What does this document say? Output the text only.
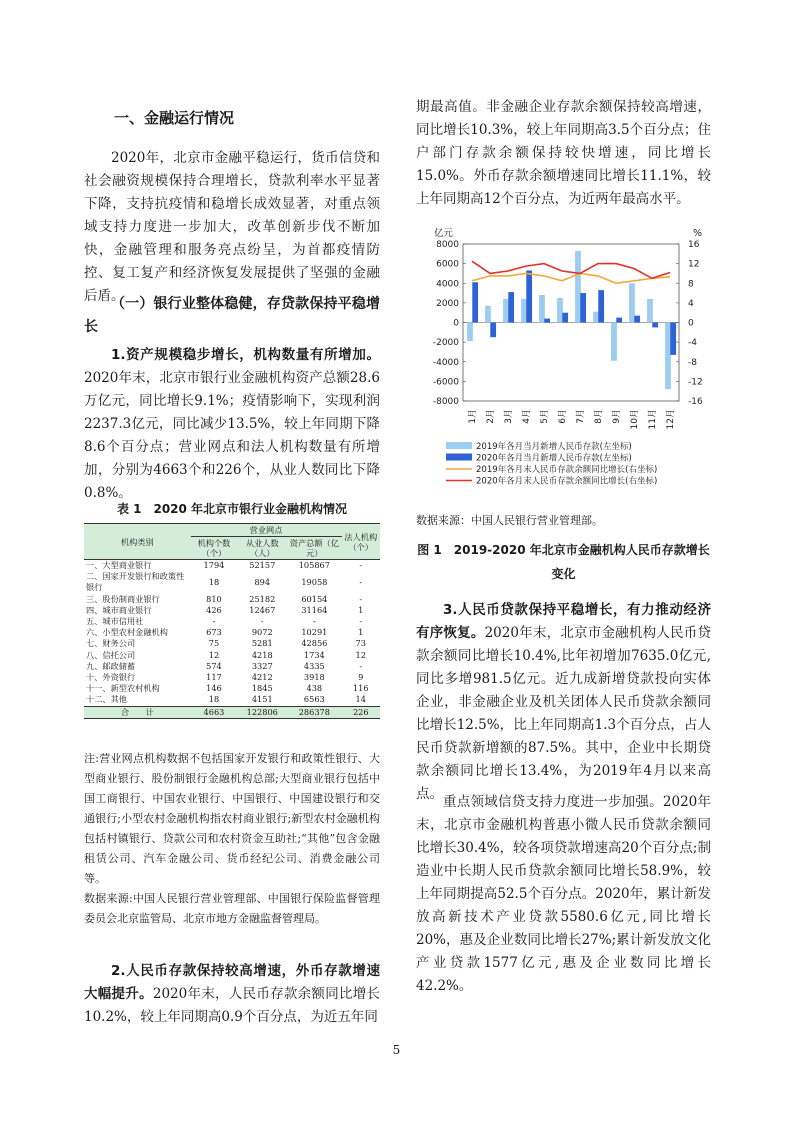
一、金融运行情况

2020年，北京市金融平稳运行，货币信贷和社会融资规模保持合理增长，贷款利率水平显著下降，支持抗疫情和稳增长成效显著，对重点领域支持力度进一步加大，改革创新步伐不断加快，金融管理和服务亮点纷呈，为首都疫情防控、复工复产和经济恢复发展提供了坚强的金融后盾。

（一）银行业整体稳健，存贷款保持平稳增长

1.资产规模稳步增长，机构数量有所增加。2020年末，北京市银行业金融机构资产总额28.6万亿元，同比增长9.1%；疫情影响下，实现利润2237.3亿元，同比减少13.5%，较上年同期下降8.6个百分点；营业网点和法人机构数量有所增加，分别为4663个和226个，从业人数同比下降0.8%。

表 1　2020 年北京市银行业金融机构情况
机构类别	营业网点			法人机构（个）
	机构个数（个）	从业人数（人）	资产总额（亿元）	
一、大型商业银行	1794	52157	105867	-
二、国家开发银行和政策性银行	18	894	19058	-
三、股份制商业银行	810	25182	60154	-
四、城市商业银行	426	12467	31164	1
五、城市信用社	-	-	-	-
六、小型农村金融机构	673	9072	10291	1
七、财务公司	75	5281	42856	73
八、信托公司	12	4218	1734	12
九、邮政储蓄	574	3327	4335	-
十、外资银行	117	4212	3918	9
十一、新型农村机构	146	1845	438	116
十二、其他	18	4151	6563	14
合　　计	4663	122806	286378	226

注:营业网点机构数据不包括国家开发银行和政策性银行、大型商业银行、股份制银行金融机构总部;大型商业银行包括中国工商银行、中国农业银行、中国银行、中国建设银行和交通银行;小型农村金融机构指农村商业银行;新型农村金融机构包括村镇银行、贷款公司和农村资金互助社;“其他”包含金融租赁公司、汽车金融公司、货币经纪公司、消费金融公司等。

数据来源:中国人民银行营业管理部、中国银行保险监督管理委员会北京监管局、北京市地方金融监督管理局。

2.人民币存款保持较高增速，外币存款增速大幅提升。2020年末，人民币存款余额同比增长10.2%，较上年同期高0.9个百分点，为近五年同

期最高值。非金融企业存款余额保持较高增速，同比增长10.3%，较上年同期高3.5个百分点；住户部门存款余额保持较快增速，同比增长15.0%。外币存款余额增速同比增长11.1%，较上年同期高12个百分点，为近两年最高水平。

亿元	%
8000
6000
4000
2000
0
-2000
-4000
-6000
-8000
16
12
8
4
0
-4
-8
-12
-16
1月 2月 3月 4月 5月 6月 7月 8月 9月 10月 11月 12月
2019年各月当月新增人民币存款(左坐标)
2020年各月当月新增人民币存款(左坐标)
2019年各月末人民币存款余额同比增长(右坐标)
2020年各月末人民币存款余额同比增长(右坐标)
数据来源：中国人民银行营业管理部。
图 1　2019-2020 年北京市金融机构人民币存款增长变化

3.人民币贷款保持平稳增长，有力推动经济有序恢复。2020年末，北京市金融机构人民币贷款余额同比增长10.4%,比年初增加7635.0亿元,同比多增981.5亿元。近九成新增贷款投向实体企业，非金融企业及机关团体人民币贷款余额同比增长12.5%，比上年同期高1.3个百分点，占人民币贷款新增额的87.5%。其中，企业中长期贷款余额同比增长13.4%，为2019年4月以来高点。 重点领域信贷支持力度进一步加强。2020年末，北京市金融机构普惠小微人民币贷款余额同比增长30.4%，较各项贷款增速高20个百分点;制造业中长期人民币贷款余额同比增长58.9%，较上年同期提高52.5个百分点。2020年，累计新发放高新技术产业贷款5580.6亿元,同比增长20%，惠及企业数同比增长27%;累计新发放文化产业贷款1577亿元,惠及企业数同比增长42.2%。

5
